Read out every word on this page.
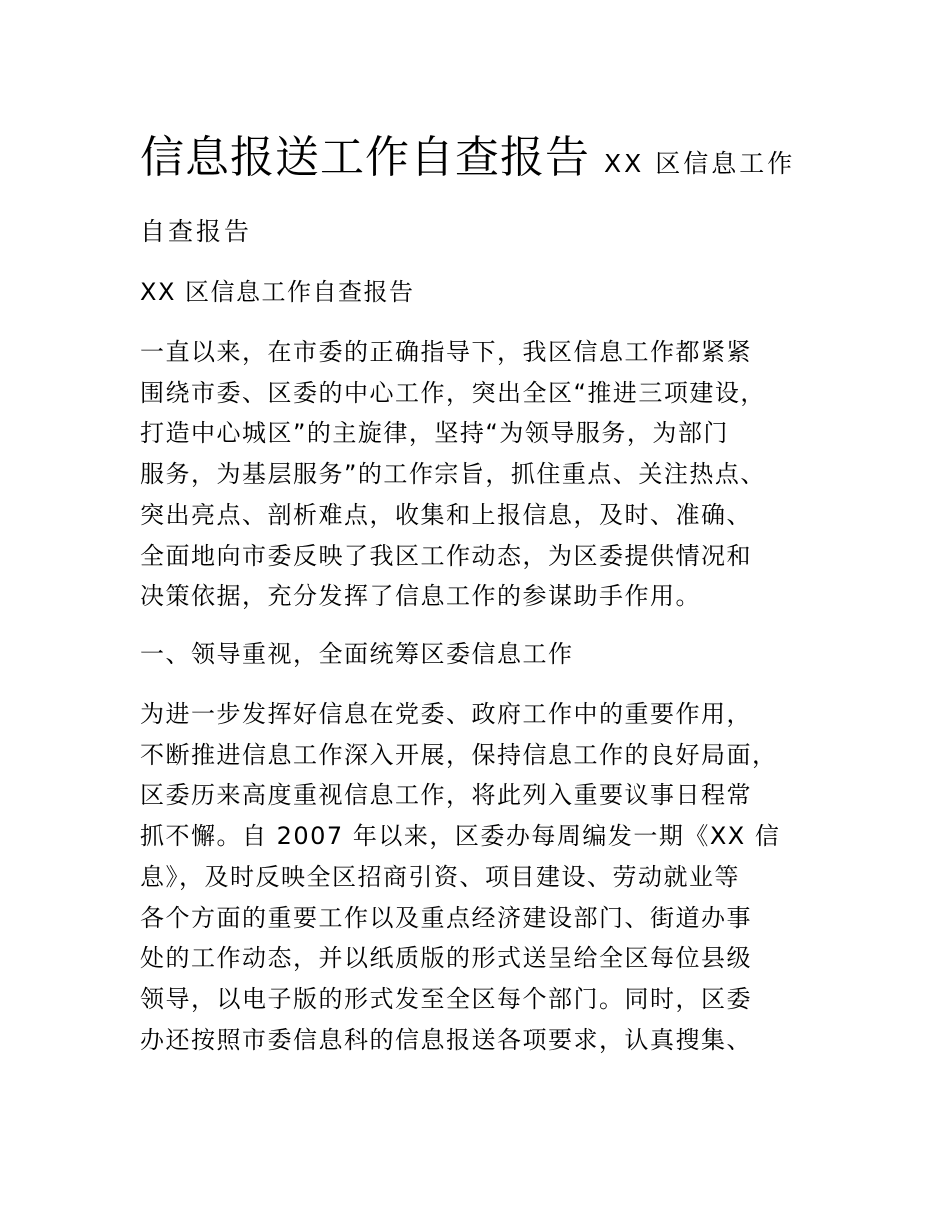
信息报送工作自查报告 XX 区信息工作
自查报告
XX 区信息工作自查报告
一直以来，在市委的正确指导下，我区信息工作都紧紧
围绕市委、区委的中心工作，突出全区“推进三项建设，
打造中心城区”的主旋律，坚持“为领导服务，为部门
服务，为基层服务”的工作宗旨，抓住重点、关注热点、
突出亮点、剖析难点，收集和上报信息，及时、准确、
全面地向市委反映了我区工作动态，为区委提供情况和
决策依据，充分发挥了信息工作的参谋助手作用。
一、领导重视，全面统筹区委信息工作
为进一步发挥好信息在党委、政府工作中的重要作用，
不断推进信息工作深入开展，保持信息工作的良好局面，
区委历来高度重视信息工作，将此列入重要议事日程常
抓不懈。自 2007 年以来，区委办每周编发一期《XX 信
息》，及时反映全区招商引资、项目建设、劳动就业等
各个方面的重要工作以及重点经济建设部门、街道办事
处的工作动态，并以纸质版的形式送呈给全区每位县级
领导，以电子版的形式发至全区每个部门。同时，区委
办还按照市委信息科的信息报送各项要求，认真搜集、
